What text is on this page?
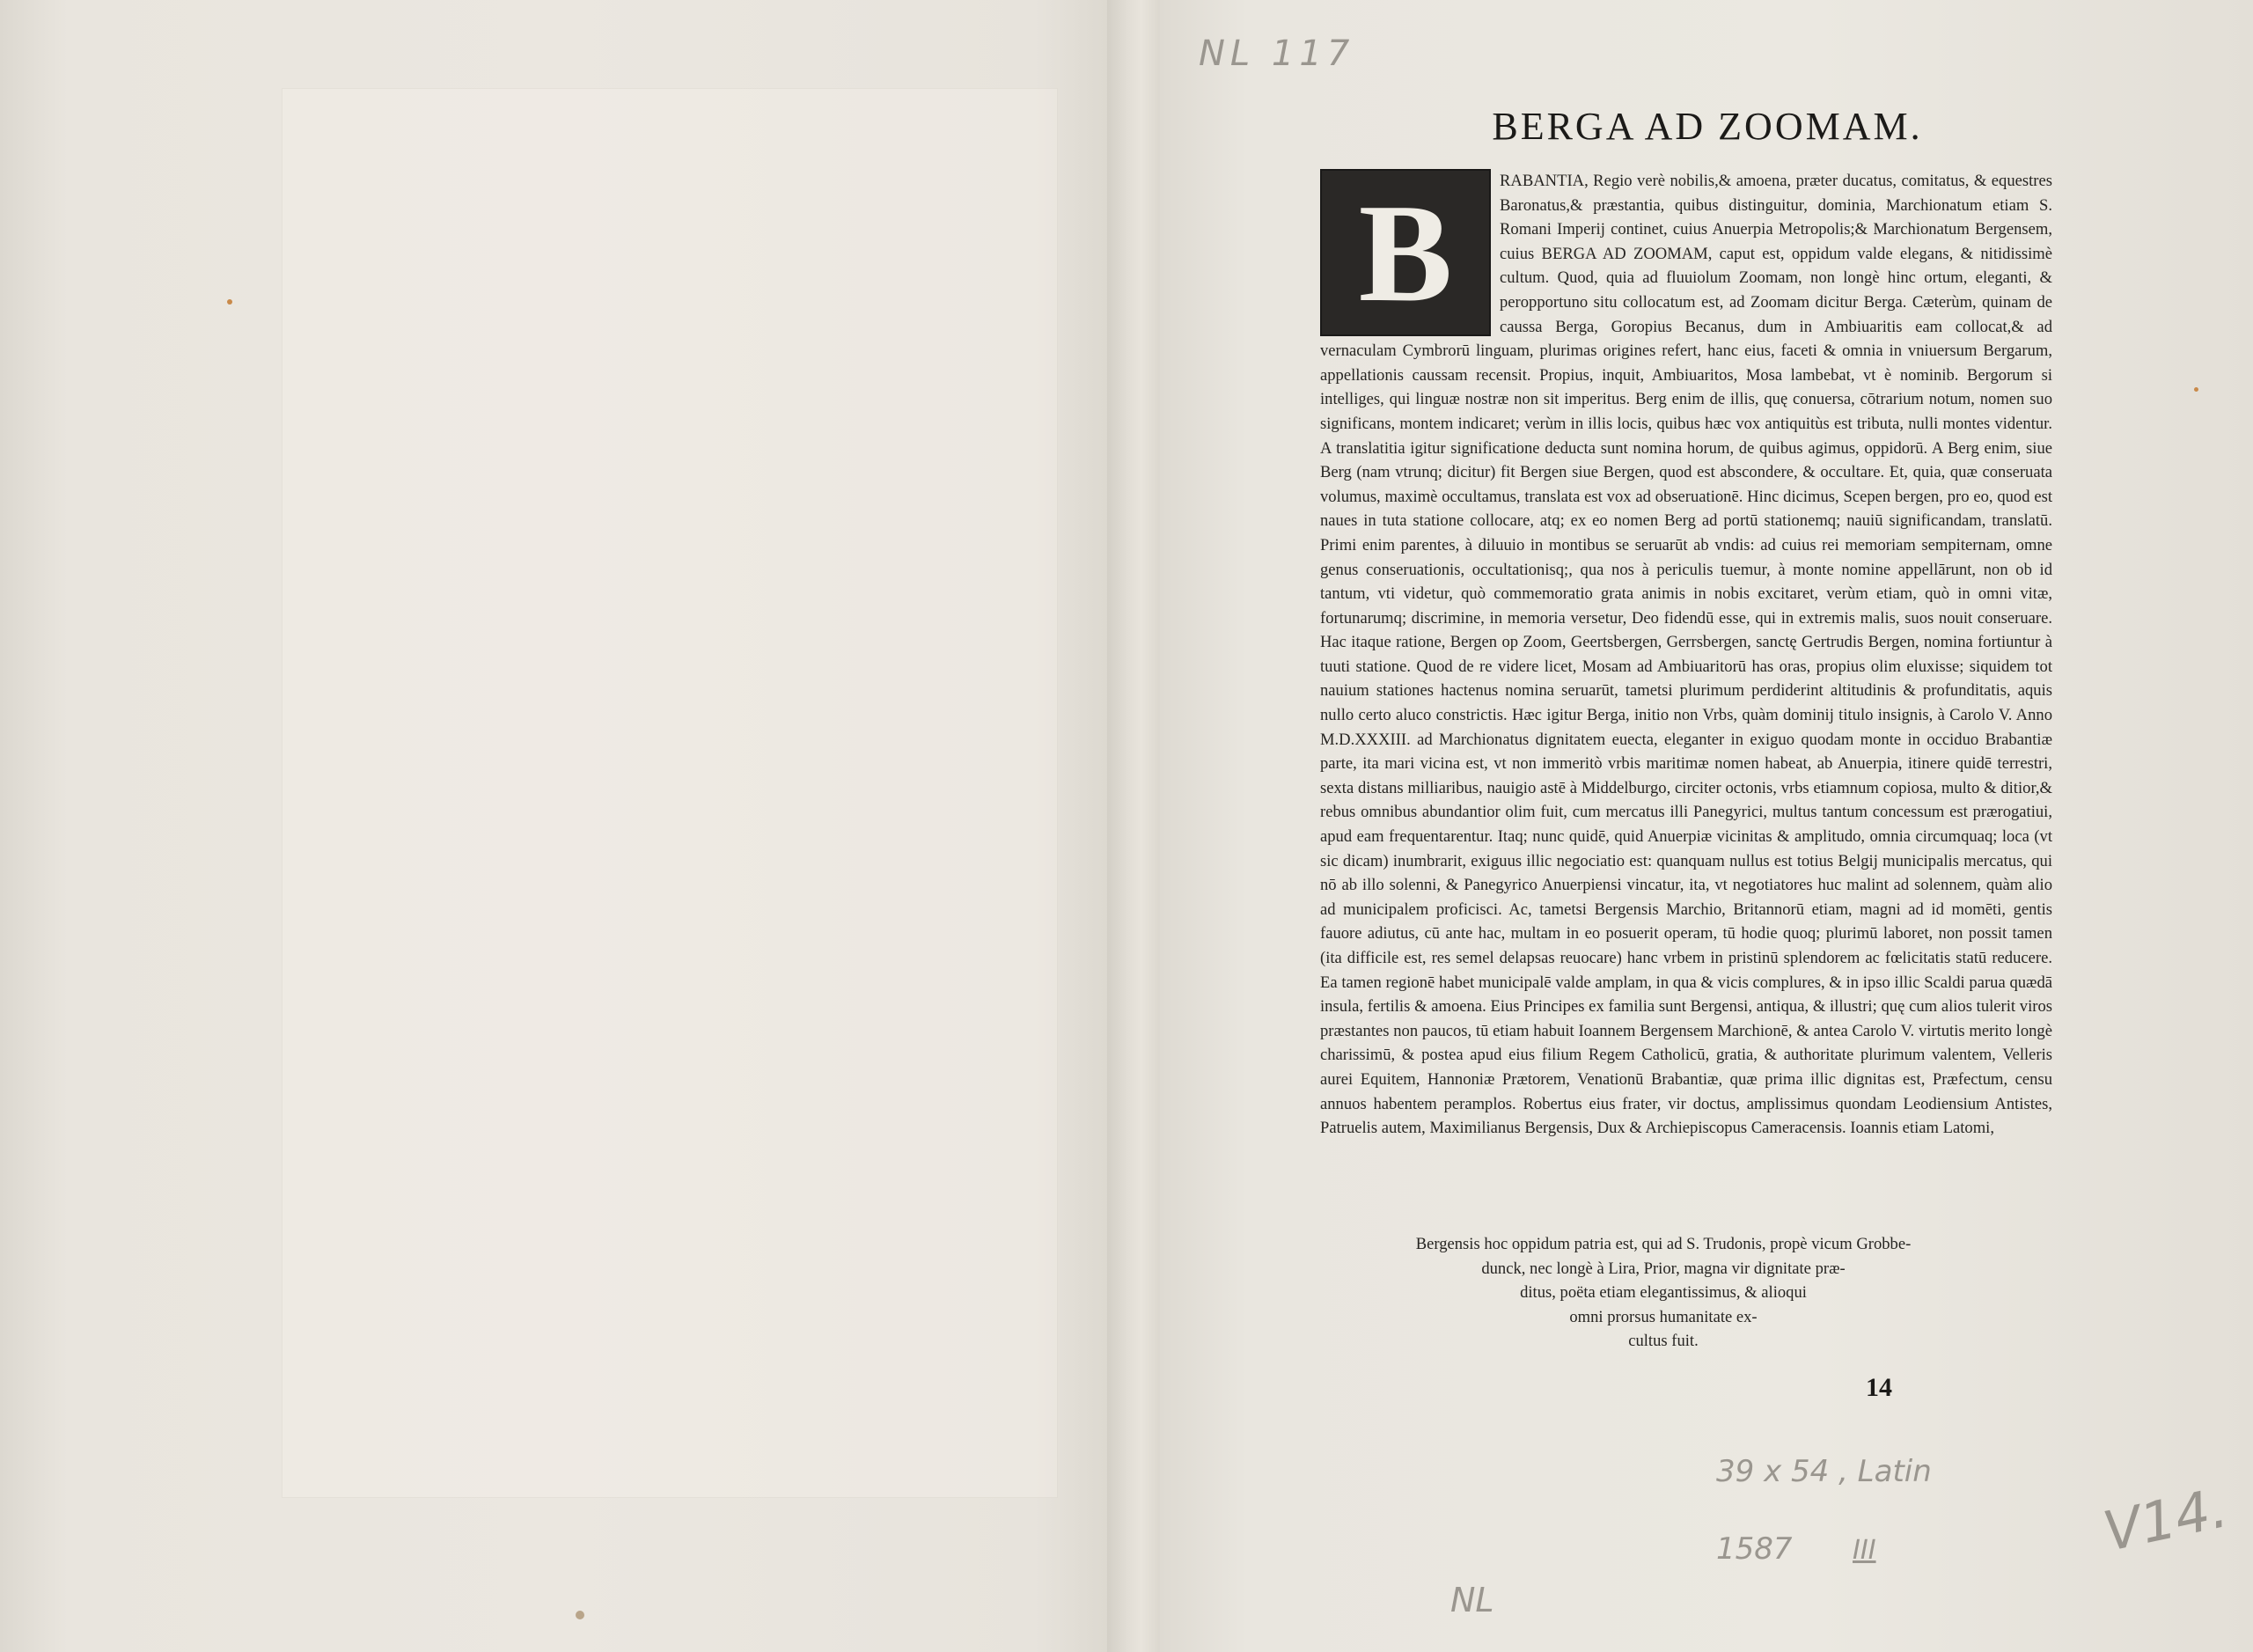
NL 117
BERGA AD ZOOMAM.
B	RABANTIA, Regio verè nobilis,& amoena, præter ducatus, comitatus, & equestres Baronatus,& præstantia, quibus distinguitur, dominia, Marchionatum etiam S. Romani Imperij continet, cuius Anuerpia Metropolis;& Marchionatum Bergensem, cuius BERGA AD ZOOMAM, caput est, oppidum valde elegans, & nitidissimè cultum. Quod, quia ad fluuiolum Zoomam, non longè hinc ortum, eleganti, & peropportuno situ collocatum est, ad Zoomam dicitur Berga. Cæterùm, quinam de caussa Berga, Goropius Becanus, dum in Ambiuaritis eam collocat,& ad vernaculam Cymbrorū linguam, plurimas origines refert, hanc eius, faceti & omnia in vniuersum Bergarum, appellationis caussam recensit. Propius, inquit, Ambiuaritos, Mosa lambebat, vt è nominib. Bergorum si intelliges, qui linguæ nostræ non sit imperitus. Berg enim de illis, quę conuersa, cōtrarium notum, nomen suo significans, montem indicaret; verùm in illis locis, quibus hæc vox antiquitùs est tributa, nulli montes videntur. A translatitia igitur significatione deducta sunt nomina horum, de quibus agimus, oppidorū. A Berg enim, siue Berg (nam vtrunq; dicitur) fit Bergen siue Bergen, quod est abscondere, & occultare. Et, quia, quæ conseruata volumus, maximè occultamus, translata est vox ad obseruationē. Hinc dicimus, Scepen bergen, pro eo, quod est naues in tuta statione collocare, atq; ex eo nomen Berg ad portū stationemq; nauiū significandam, translatū. Primi enim parentes, à diluuio in montibus se seruarūt ab vndis: ad cuius rei memoriam sempiternam, omne genus conseruationis, occultationisq;, qua nos à periculis tuemur, à monte nomine appellārunt, non ob id tantum, vti videtur, quò commemoratio grata animis in nobis excitaret, verùm etiam, quò in omni vitæ, fortunarumq; discrimine, in memoria versetur, Deo fidendū esse, qui in extremis malis, suos nouit conseruare. Hac itaque ratione, Bergen op Zoom, Geertsbergen, Gerrsbergen, sanctę Gertrudis Bergen, nomina fortiuntur à tuuti statione. Quod de re videre licet, Mosam ad Ambiuaritorū has oras, propius olim eluxisse; siquidem tot nauium stationes hactenus nomina seruarūt, tametsi plurimum perdiderint altitudinis & profunditatis, aquis nullo certo aluco constrictis. Hæc igitur Berga, initio non Vrbs, quàm dominij titulo insignis, à Carolo V. Anno M.D.XXXIII. ad Marchionatus dignitatem euecta, eleganter in exiguo quodam monte in occiduo Brabantiæ parte, ita mari vicina est, vt non immeritò vrbis maritimæ nomen habeat, ab Anuerpia, itinere quidē terrestri, sexta distans milliaribus, nauigio astē à Middelburgo, circiter octonis, vrbs etiamnum copiosa, multo & ditior,& rebus omnibus abundantior olim fuit, cum mercatus illi Panegyrici, multus tantum concessum est prærogatiui, apud eam frequentarentur. Itaq; nunc quidē, quid Anuerpiæ vicinitas & amplitudo, omnia circumquaq; loca (vt sic dicam) inumbrarit, exiguus illic negociatio est: quanquam nullus est totius Belgij municipalis mercatus, qui nō ab illo solenni, & Panegyrico Anuerpiensi vincatur, ita, vt negotiatores huc malint ad solennem, quàm alio ad municipalem proficisci. Ac, tametsi Bergensis Marchio, Britannorū etiam, magni ad id momēti, gentis fauore adiutus, cū ante hac, multam in eo posuerit operam, tū hodie quoq; plurimū laboret, non possit tamen (ita difficile est, res semel delapsas reuocare) hanc vrbem in pristinū splendorem ac fœlicitatis statū reducere. Ea tamen regionē habet municipalē valde amplam, in qua & vicis complures, & in ipso illic Scaldi parua quædā insula, fertilis & amoena. Eius Principes ex familia sunt Bergensi, antiqua, & illustri; quę cum alios tulerit viros præstantes non paucos, tū etiam habuit Ioannem Bergensem Marchionē, & antea Carolo V. virtutis merito longè charissimū, & postea apud eius filium Regem Catholicū, gratia, & authoritate plurimum valentem, Velleris aurei Equitem, Hannoniæ Prætorem, Venationū Brabantiæ, quæ prima illic dignitas est, Præfectum, censu annuos habentem peramplos. Robertus eius frater, vir doctus, amplissimus quondam Leodiensium Antistes, Patruelis autem, Maximilianus Bergensis, Dux & Archiepiscopus Cameracensis. Ioannis etiam Latomi,
Bergensis hoc oppidum patria est, qui ad S. Trudonis, propè vicum Grobbe-
dunck, nec longè à Lira, Prior, magna vir dignitate præ-
ditus, poëta etiam elegantissimus, & alioqui
omni prorsus humanitate ex-
cultus fuit.
14
39 x 54 , Latin
1587 III
NL
V14.
